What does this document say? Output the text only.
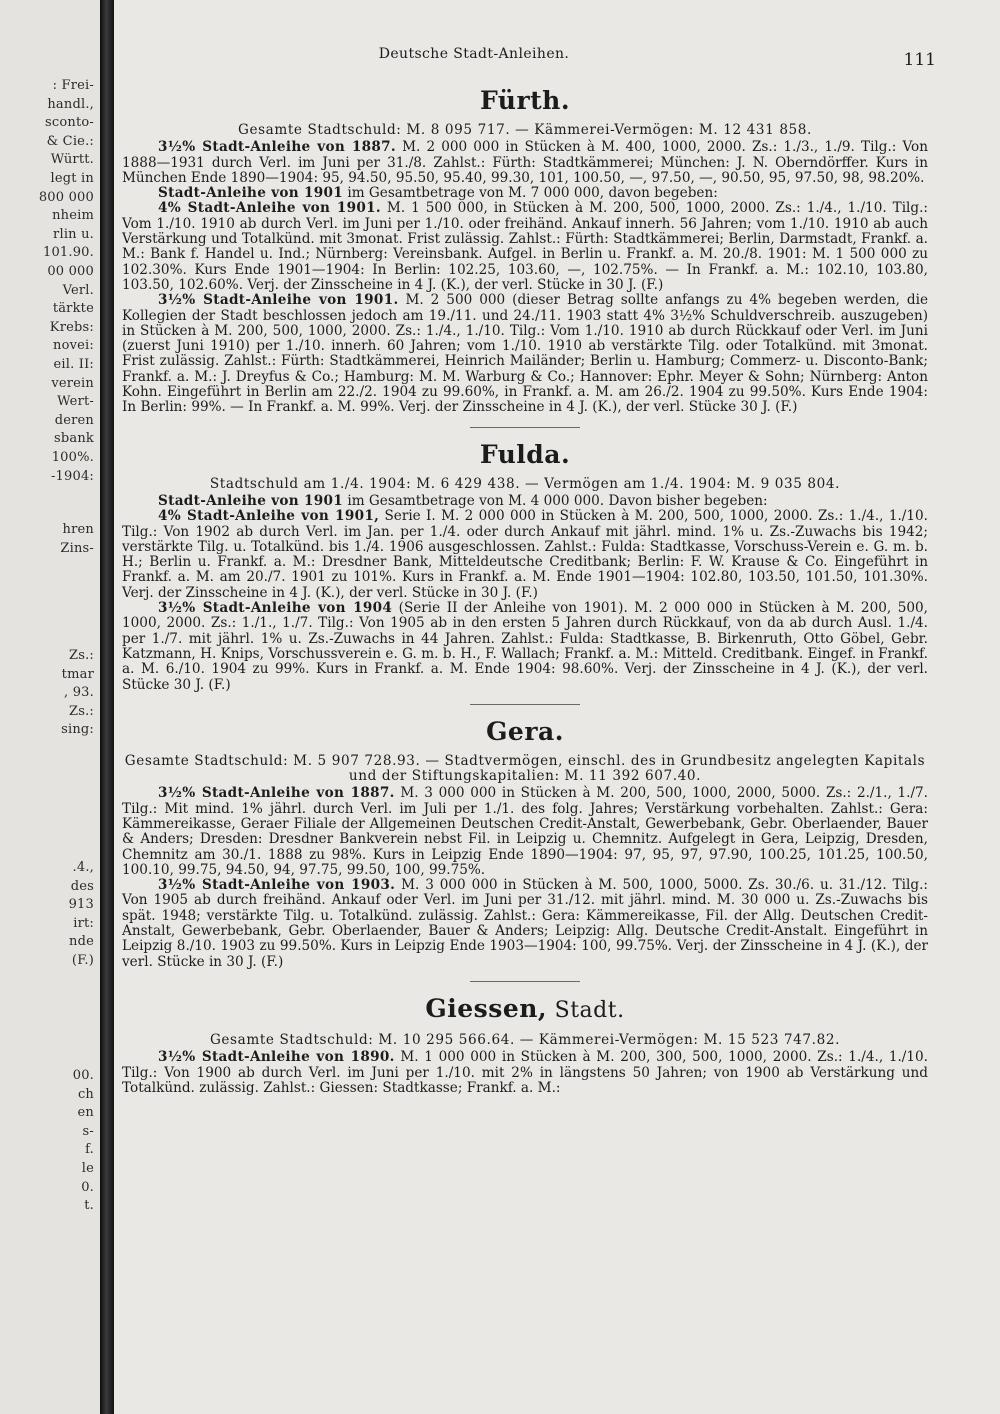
: Frei-
handl.,
sconto-
& Cie.:
Württ.
legt in
800 000
nheim
rlin u.
101.90.
00 000
Verl.
tärkte
Krebs:
novei:
eil. II:
verein
Wert-
deren
sbank
100%.
-1904:
hren
Zins-
Zs.:
tmar
, 93.
Zs.:
sing:
.4.,
des
913
irt:
nde
(F.)
00.
ch
en
s-
f.
le
0.
t.
Deutsche Stadt-Anleihen.	111
Fürth.

Gesamte Stadtschuld: M. 8 095 717. — Kämmerei-Vermögen: M. 12 431 858.

3½% Stadt-Anleihe von 1887. M. 2 000 000 in Stücken à M. 400, 1000, 2000. Zs.: 1./3., 1./9. Tilg.: Von 1888—1931 durch Verl. im Juni per 31./8. Zahlst.: Fürth: Stadtkämmerei; München: J. N. Oberndörffer. Kurs in München Ende 1890—1904: 95, 94.50, 95.50, 95.40, 99.30, 101, 100.50, —, 97.50, —, 90.50, 95, 97.50, 98, 98.20%.

Stadt-Anleihe von 1901 im Gesamtbetrage von M. 7 000 000, davon begeben:

4% Stadt-Anleihe von 1901. M. 1 500 000, in Stücken à M. 200, 500, 1000, 2000. Zs.: 1./4., 1./10. Tilg.: Vom 1./10. 1910 ab durch Verl. im Juni per 1./10. oder freihänd. Ankauf innerh. 56 Jahren; vom 1./10. 1910 ab auch Verstärkung und Totalkünd. mit 3monat. Frist zulässig. Zahlst.: Fürth: Stadtkämmerei; Berlin, Darmstadt, Frankf. a. M.: Bank f. Handel u. Ind.; Nürnberg: Vereinsbank. Aufgel. in Berlin u. Frankf. a. M. 20./8. 1901: M. 1 500 000 zu 102.30%. Kurs Ende 1901—1904: In Berlin: 102.25, 103.60, —, 102.75%. — In Frankf. a. M.: 102.10, 103.80, 103.50, 102.60%. Verj. der Zinsscheine in 4 J. (K.), der verl. Stücke in 30 J. (F.)

3½% Stadt-Anleihe von 1901. M. 2 500 000 (dieser Betrag sollte anfangs zu 4% begeben werden, die Kollegien der Stadt beschlossen jedoch am 19./11. und 24./11. 1903 statt 4% 3½% Schuldverschreib. auszugeben) in Stücken à M. 200, 500, 1000, 2000. Zs.: 1./4., 1./10. Tilg.: Vom 1./10. 1910 ab durch Rückkauf oder Verl. im Juni (zuerst Juni 1910) per 1./10. innerh. 60 Jahren; vom 1./10. 1910 ab verstärkte Tilg. oder Totalkünd. mit 3monat. Frist zulässig. Zahlst.: Fürth: Stadtkämmerei, Heinrich Mailänder; Berlin u. Hamburg; Commerz- u. Disconto-Bank; Frankf. a. M.: J. Dreyfus & Co.; Hamburg: M. M. Warburg & Co.; Hannover: Ephr. Meyer & Sohn; Nürnberg: Anton Kohn. Eingeführt in Berlin am 22./2. 1904 zu 99.60%, in Frankf. a. M. am 26./2. 1904 zu 99.50%. Kurs Ende 1904: In Berlin: 99%. — In Frankf. a. M. 99%. Verj. der Zinsscheine in 4 J. (K.), der verl. Stücke 30 J. (F.)

Fulda.

Stadtschuld am 1./4. 1904: M. 6 429 438. — Vermögen am 1./4. 1904: M. 9 035 804.

Stadt-Anleihe von 1901 im Gesamtbetrage von M. 4 000 000. Davon bisher begeben:

4% Stadt-Anleihe von 1901, Serie I. M. 2 000 000 in Stücken à M. 200, 500, 1000, 2000. Zs.: 1./4., 1./10. Tilg.: Von 1902 ab durch Verl. im Jan. per 1./4. oder durch Ankauf mit jährl. mind. 1% u. Zs.-Zuwachs bis 1942; verstärkte Tilg. u. Totalkünd. bis 1./4. 1906 ausgeschlossen. Zahlst.: Fulda: Stadtkasse, Vorschuss-Verein e. G. m. b. H.; Berlin u. Frankf. a. M.: Dresdner Bank, Mitteldeutsche Creditbank; Berlin: F. W. Krause & Co. Eingeführt in Frankf. a. M. am 20./7. 1901 zu 101%. Kurs in Frankf. a. M. Ende 1901—1904: 102.80, 103.50, 101.50, 101.30%. Verj. der Zinsscheine in 4 J. (K.), der verl. Stücke in 30 J. (F.)

3½% Stadt-Anleihe von 1904 (Serie II der Anleihe von 1901). M. 2 000 000 in Stücken à M. 200, 500, 1000, 2000. Zs.: 1./1., 1./7. Tilg.: Von 1905 ab in den ersten 5 Jahren durch Rückkauf, von da ab durch Ausl. 1./4. per 1./7. mit jährl. 1% u. Zs.-Zuwachs in 44 Jahren. Zahlst.: Fulda: Stadtkasse, B. Birkenruth, Otto Göbel, Gebr. Katzmann, H. Knips, Vorschussverein e. G. m. b. H., F. Wallach; Frankf. a. M.: Mitteld. Creditbank. Eingef. in Frankf. a. M. 6./10. 1904 zu 99%. Kurs in Frankf. a. M. Ende 1904: 98.60%. Verj. der Zinsscheine in 4 J. (K.), der verl. Stücke 30 J. (F.)

Gera.

Gesamte Stadtschuld: M. 5 907 728.93. — Stadtvermögen, einschl. des in Grundbesitz angelegten Kapitals und der Stiftungskapitalien: M. 11 392 607.40.

3½% Stadt-Anleihe von 1887. M. 3 000 000 in Stücken à M. 200, 500, 1000, 2000, 5000. Zs.: 2./1., 1./7. Tilg.: Mit mind. 1% jährl. durch Verl. im Juli per 1./1. des folg. Jahres; Verstärkung vorbehalten. Zahlst.: Gera: Kämmereikasse, Geraer Filiale der Allgemeinen Deutschen Credit-Anstalt, Gewerbebank, Gebr. Oberlaender, Bauer & Anders; Dresden: Dresdner Bankverein nebst Fil. in Leipzig u. Chemnitz. Aufgelegt in Gera, Leipzig, Dresden, Chemnitz am 30./1. 1888 zu 98%. Kurs in Leipzig Ende 1890—1904: 97, 95, 97, 97.90, 100.25, 101.25, 100.50, 100.10, 99.75, 94.50, 94, 97.75, 99.50, 100, 99.75%.

3½% Stadt-Anleihe von 1903. M. 3 000 000 in Stücken à M. 500, 1000, 5000. Zs. 30./6. u. 31./12. Tilg.: Von 1905 ab durch freihänd. Ankauf oder Verl. im Juni per 31./12. mit jährl. mind. M. 30 000 u. Zs.-Zuwachs bis spät. 1948; verstärkte Tilg. u. Totalkünd. zulässig. Zahlst.: Gera: Kämmereikasse, Fil. der Allg. Deutschen Credit-Anstalt, Gewerbebank, Gebr. Oberlaender, Bauer & Anders; Leipzig: Allg. Deutsche Credit-Anstalt. Eingeführt in Leipzig 8./10. 1903 zu 99.50%. Kurs in Leipzig Ende 1903—1904: 100, 99.75%. Verj. der Zinsscheine in 4 J. (K.), der verl. Stücke in 30 J. (F.)

Giessen, Stadt.

Gesamte Stadtschuld: M. 10 295 566.64. — Kämmerei-Vermögen: M. 15 523 747.82.

3½% Stadt-Anleihe von 1890. M. 1 000 000 in Stücken à M. 200, 300, 500, 1000, 2000. Zs.: 1./4., 1./10. Tilg.: Von 1900 ab durch Verl. im Juni per 1./10. mit 2% in längstens 50 Jahren; von 1900 ab Verstärkung und Totalkünd. zulässig. Zahlst.: Giessen: Stadtkasse; Frankf. a. M.:
